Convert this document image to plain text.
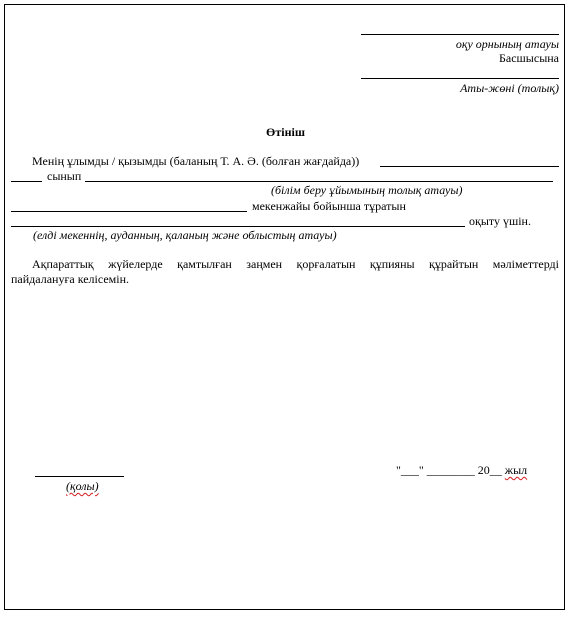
оқу орнының атауы
Басшысына
Аты-жөні (толық)
Өтініш
Менің ұлымды / қызымды (баланың Т. А. Ә. (болған жағдайда))
сынып
(білім беру ұйымының толық атауы)
мекенжайы бойынша тұратын
оқыту үшін.
(елді мекеннің, ауданның, қаланың және облыстың атауы)
Ақпараттық жүйелерде қамтылған заңмен қорғалатын құпияны құрайтын мәліметтерді
пайдалануға келісемін.
(қолы)
"___" ________ 20__ жыл
